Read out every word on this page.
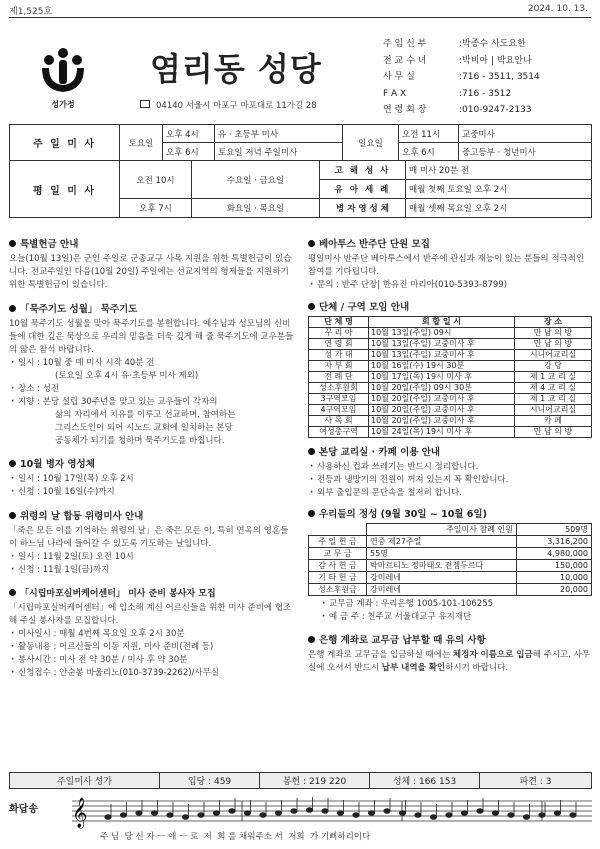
제1,525호	2024. 10. 13.
성가정
염리동 성당
04140 서울시 마포구 마포대로 11가길 28
주 임 신 부	: 박종수 사도요한
전 교 수 녀	: 박비아 | 박요안나
사 무 실	: 716 - 3511, 3514
F A X	: 716 - 3512
연 령 회 장	: 010-9247-2133
주 일 미 사	토요일	오후 4시	유 · 초등부 미사	일요일	오전 11시	교중미사
		오후 6시	토요일 저녁 주일미사		오후 6시	중고등부 · 청년미사
평 일 미 사	오전 10시	수요일 · 금요일	고 해 성 사	매 미사 20분 전
			유 아 세 례	매월 첫째 토요일 오후 2시
	오후 7시	화요일 · 목요일	병 자 영 성 체	매월 셋째 목요일 오후 2시
특별헌금 안내
오늘(10월 13일)은 군인 주일로 군종교구 사목 지원을 위한 특별헌금이 있습니다. 전교주일인 다음(10월 20일) 주일에는 선교지역의 형제들을 지원하기 위한 특별헌금이 있습니다.
「묵주기도 성월」 묵주기도
10월 묵주기도 성월을 맞아 묵주기도를 봉헌합니다. 예수님과 성모님의 신비들에 대한 깊은 묵상으로 우리의 믿음을 더욱 깊게 해 줄 묵주기도에 교우분들의 많은 참석 바랍니다.
· 일시 : 10월 중 매 미사 시작 40분 전
(토요일 오후 4시 유·초등부 미사 제외)
· 장소 : 성전
· 지향 : 본당 설립 30주년을 맞고 있는 교우들이 각자의
삶의 자리에서 치유를 이루고 선교하며, 참여하는
그리스도인이 되어 시노드 교회에 일치하는 본당
공동체가 되기를 청하며 묵주기도를 바칩니다.
10월 병자 영성체
· 일시 : 10월 17일(목) 오후 2시
· 신청 : 10월 16일(수)까지
위령의 날 합동 위령미사 안내
「죽은 모든 이를 기억하는 위령의 날」은 죽은 모든 이, 특히 연옥의 영혼들이 하느님 나라에 들어갈 수 있도록 기도하는 날입니다.
· 일시 : 11월 2일(토) 오전 10시
· 신청 : 11월 1일(금)까지
「시립마포실버케어센터」 미사 준비 봉사자 모집
「시립마포실버케어센터」에 입소해 계신 어르신들을 위한 미사 준비에 협조해 주실 봉사자를 모집합니다.
· 미사일시 : 매월 4번째 목요일 오후 2시 30분
· 활동내용 : 어르신들의 이동 지원, 미사 준비(전례 등)
· 봉사시간 : 미사 전 약 30분 / 미사 후 약 30분
· 신청접수 : 안순봉 바울리노(010-3739-2262)/사무실
베아투스 반주단 단원 모집
평일미사 반주단 베아투스에서 반주에 관심과 재능이 있는 분들의 적극적인 참여를 기다립니다.
· 문의 : 반주 단장| 한유진 마리아(010-5393-8799)
단체 / 구역 모임 안내
단 체 명	회 합 일 시	장 소
꾸 리 아	10월 13일(주일) 09시	만 남 의 방
연 령 회	10월 13일(주일) 교중미사 후	만 남 의 방
성 가 대	10월 13일(주일) 교중미사 후	시니어교리실
자 부 회	10월 16일(수) 19시 30분	강 당
전 례 단	10월 17일(목) 19시 미사 후	제 1 교 리 실
성소후원회	10월 20일(주일) 09시 30분	제 4 교 리 실
3구역모임	10월 20일(주일) 교중미사 후	제 1 교 리 실
4구역모임	10월 20일(주일) 교중미사 후	시니어교리실
사 목 회	10월 20일(주일) 교중미사 후	카 페
여성총구역	10월 24일(목) 19시 미사 후	만 남 의 방
본당 교리실 · 카페 이용 안내
· 사용하신 컵과 쓰레기는 반드시 정리합니다.
· 전등과 냉방기의 전원이 꺼져 있는지 꼭 확인합니다.
· 외부 출입문의 문단속을 철저히 합니다.
우리들의 정성 (9월 30일 ~ 10월 6일)
	주일미사 참례 인원	509명
주 일 헌 금	연중 제27주일	3,316,200
교 무 금	55명	4,980,000
감 사 헌 금	박마르티노 정마태오 전젬두르다	150,000
기 타 헌 금	강미레네	10,000
성소후원금	강미레네	20,000
· 교무금 계좌 : 우리은행 1005-101-106255
· 예 금 주 : 천주교 서울대교구 유지재단
은행 계좌로 교무금 납부할 때 유의 사항
은행 계좌로 교무금을 입금하실 때에는 체정자 이름으로 입금해 주시고, 사무실에 오셔서 반드시 납부 내역을 확인하시기 바랍니다.
주일미사 성가	입당 : 459	봉헌 : 219 220	성체 : 166 153	파견 : 3
화답송 𝄞
주 님  당 신 자 ㅡ 애 ㅡ 로  저  희 를 채워주소 서  저희  가 기뻐하리이다
